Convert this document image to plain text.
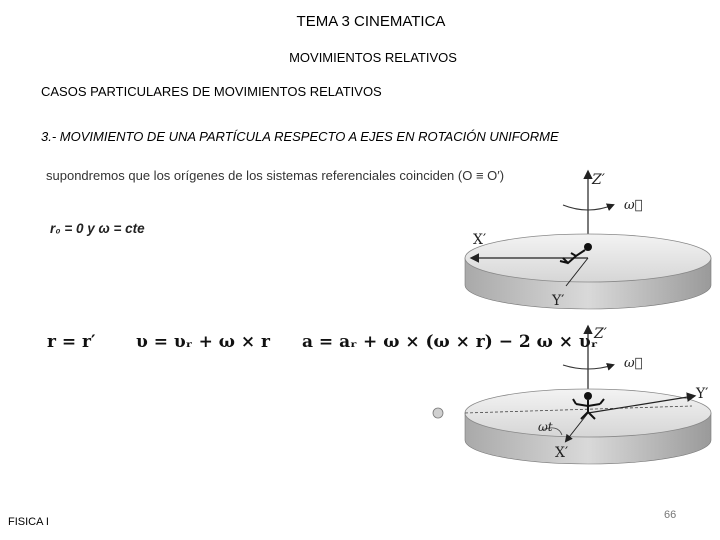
TEMA 3 CINEMATICA
MOVIMIENTOS RELATIVOS
CASOS PARTICULARES DE MOVIMIENTOS RELATIVOS
3.- MOVIMIENTO DE UNA PARTÍCULA RESPECTO A EJES EN ROTACIÓN UNIFORME
supondremos que los orígenes de los sistemas referenciales coinciden (O ≡ O′)
r₀ = 0 y ω = cte
r = r′ υ = υᵣ + ω × r a = aᵣ + ω × (ω × r) − 2 ω × υᵣ
Z′
ω⃗
X′
Y′
Z′
ω⃗
Y′
X′
ωt
FISICA I
66
